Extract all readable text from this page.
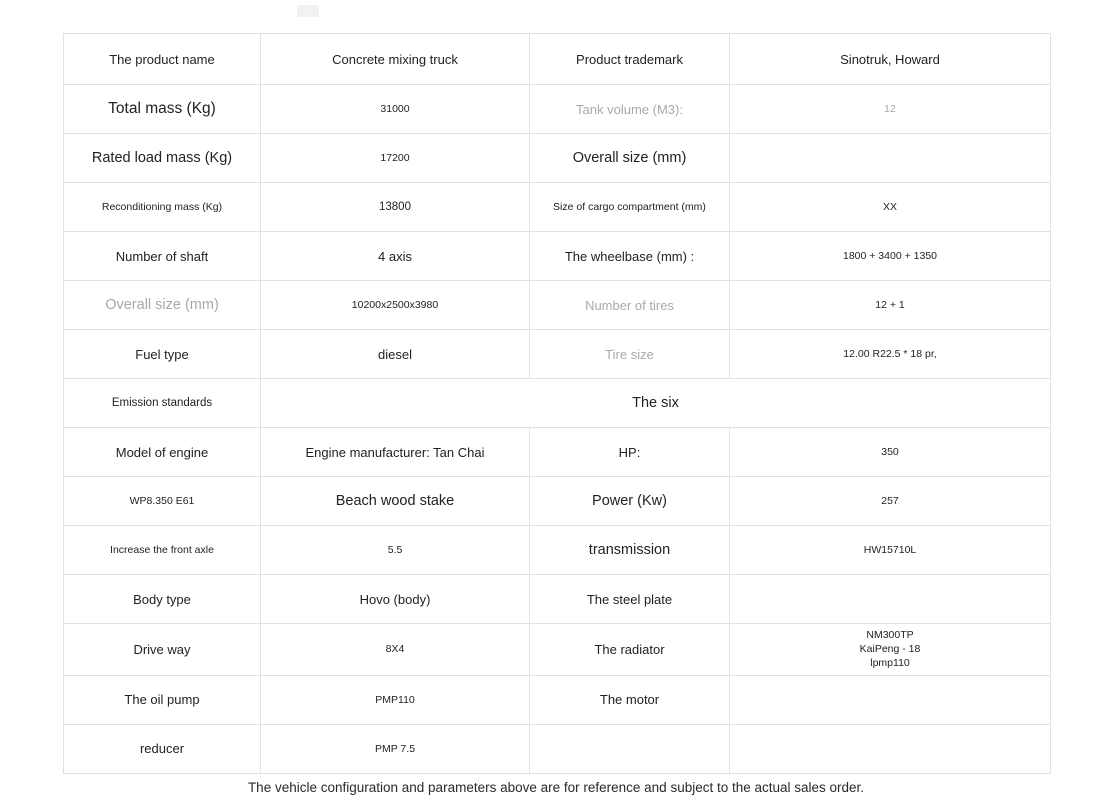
The product name	Concrete mixing truck	Product trademark	Sinotruk, Howard
Total mass (Kg)	31000	Tank volume (M3):	12
Rated load mass (Kg)	17200	Overall size (mm)	
Reconditioning mass (Kg)	13800	Size of cargo compartment (mm)	XX
Number of shaft	4 axis	The wheelbase (mm) :	1800 + 3400 + 1350
Overall size (mm)	10200x2500x3980	Number of tires	12 + 1
Fuel type	diesel	Tire size	12.00 R22.5 * 18 pr,
Emission standards	The six		
Model of engine	Engine manufacturer: Tan Chai	HP:	350
WP8.350 E61	Beach wood stake	Power (Kw)	257
Increase the front axle	5.5	transmission	HW15710L
Body type	Hovo (body)	The steel plate	
Drive way	8X4	The radiator	NM300TP
KaiPeng - 18
lpmp110
The oil pump	PMP110	The motor	
reducer	PMP 7.5		
The vehicle configuration and parameters above are for reference and subject to the actual sales order.
